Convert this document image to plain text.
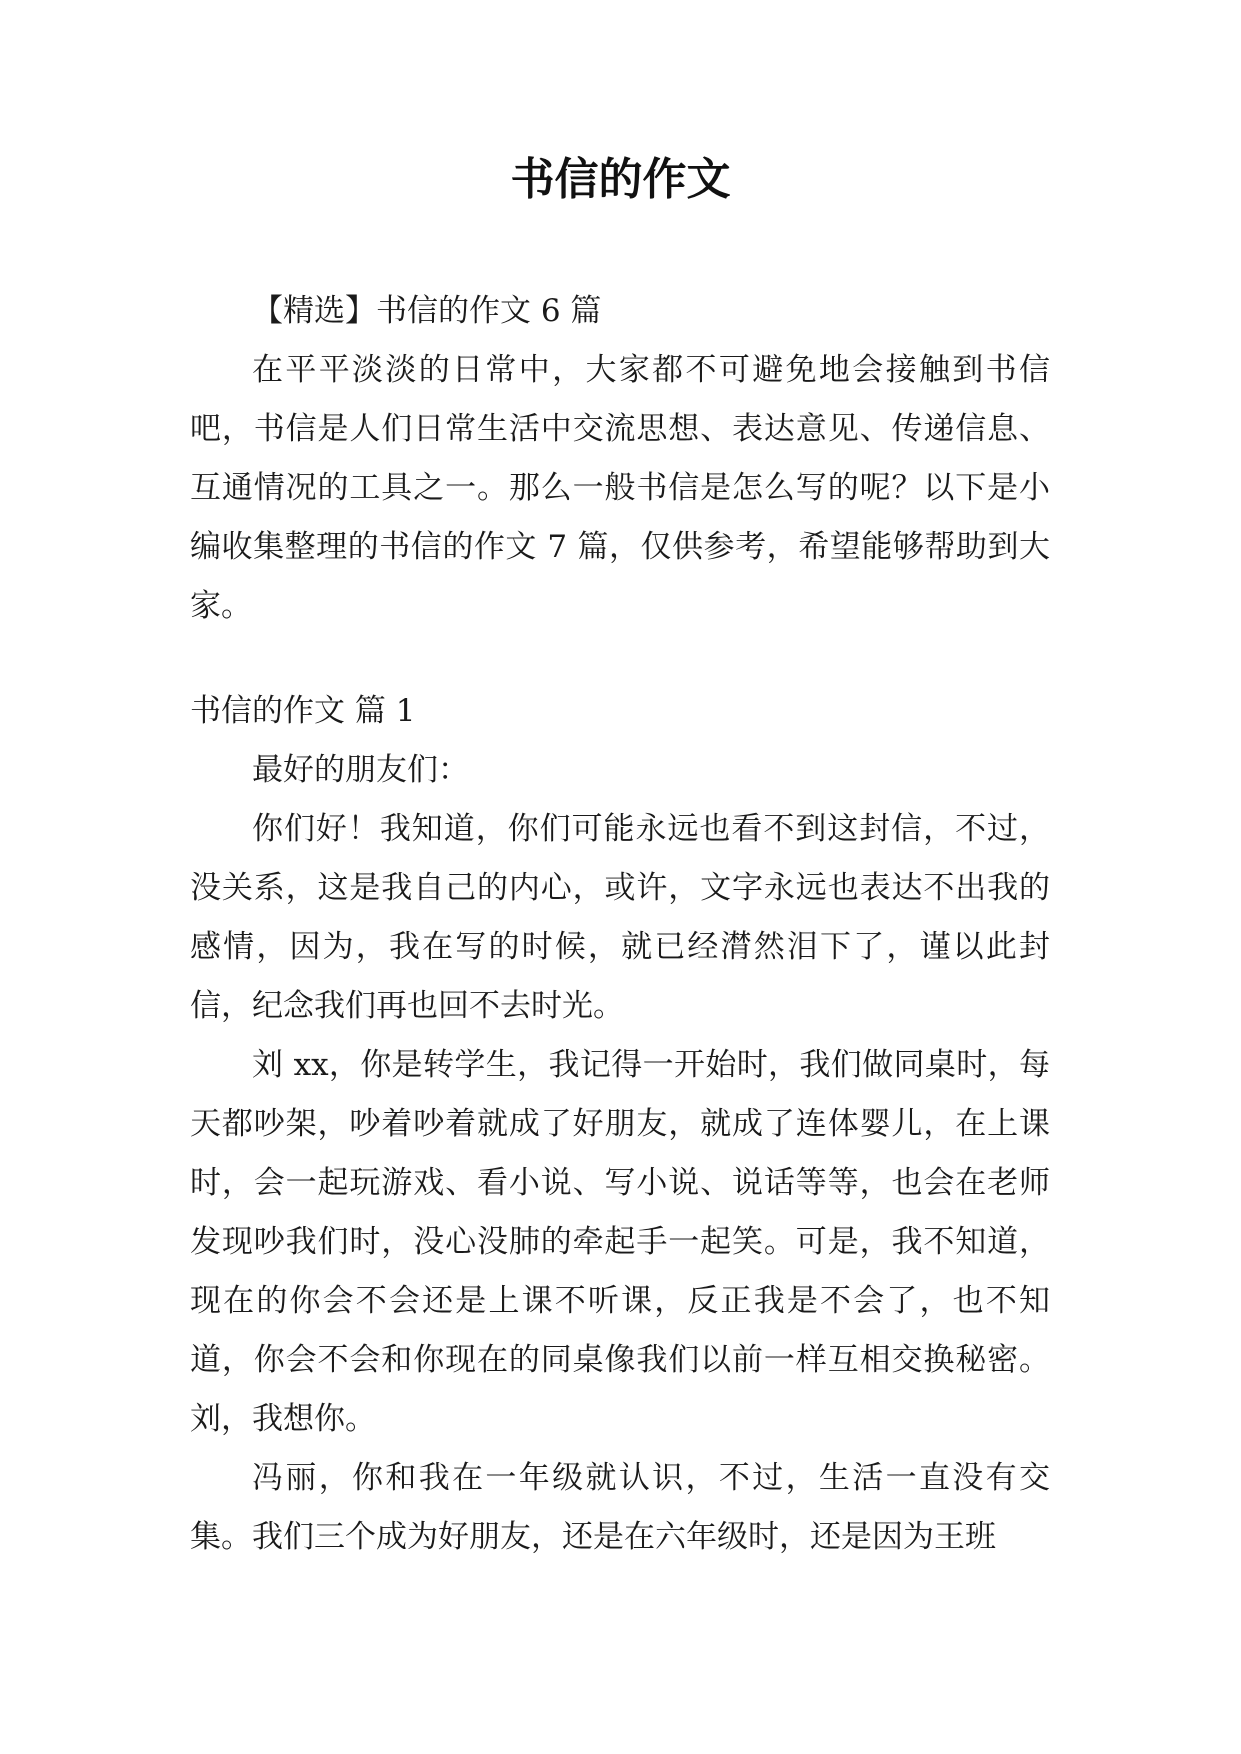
书信的作文

【精选】书信的作文 6 篇

在平平淡淡的日常中，大家都不可避免地会接触到书信吧，书信是人们日常生活中交流思想、表达意见、传递信息、互通情况的工具之一。那么一般书信是怎么写的呢？以下是小编收集整理的书信的作文 7 篇，仅供参考，希望能够帮助到大家。

书信的作文 篇 1

最好的朋友们：

你们好！我知道，你们可能永远也看不到这封信，不过，没关系，这是我自己的内心，或许，文字永远也表达不出我的感情，因为，我在写的时候，就已经潸然泪下了，谨以此封信，纪念我们再也回不去时光。

刘 xx，你是转学生，我记得一开始时，我们做同桌时，每天都吵架，吵着吵着就成了好朋友，就成了连体婴儿，在上课时，会一起玩游戏、看小说、写小说、说话等等，也会在老师发现吵我们时，没心没肺的牵起手一起笑。可是，我不知道，现在的你会不会还是上课不听课，反正我是不会了，也不知道，你会不会和你现在的同桌像我们以前一样互相交换秘密。刘，我想你。

冯丽，你和我在一年级就认识，不过，生活一直没有交集。我们三个成为好朋友，还是在六年级时，还是因为王班
